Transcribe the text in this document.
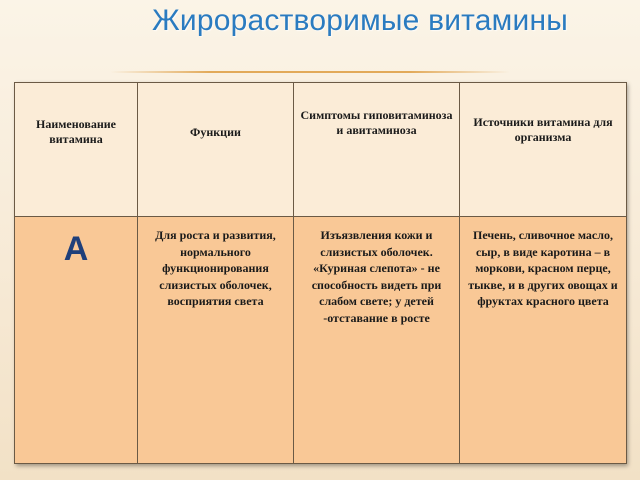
Жирорастворимые витамины
Наименование витамина	Функции	Симптомы гиповитаминоза и авитаминоза	Источники витамина для организма

А	Для роста и развития, нормального функционирования слизистых оболочек, восприятия света	Изъязвления кожи и слизистых оболочек. «Куриная слепота» - не способность видеть при слабом свете; у детей -отставание в росте	Печень, сливочное масло, сыр, в виде каротина – в моркови, красном перце, тыкве, и в других овощах и фруктах красного цвета
